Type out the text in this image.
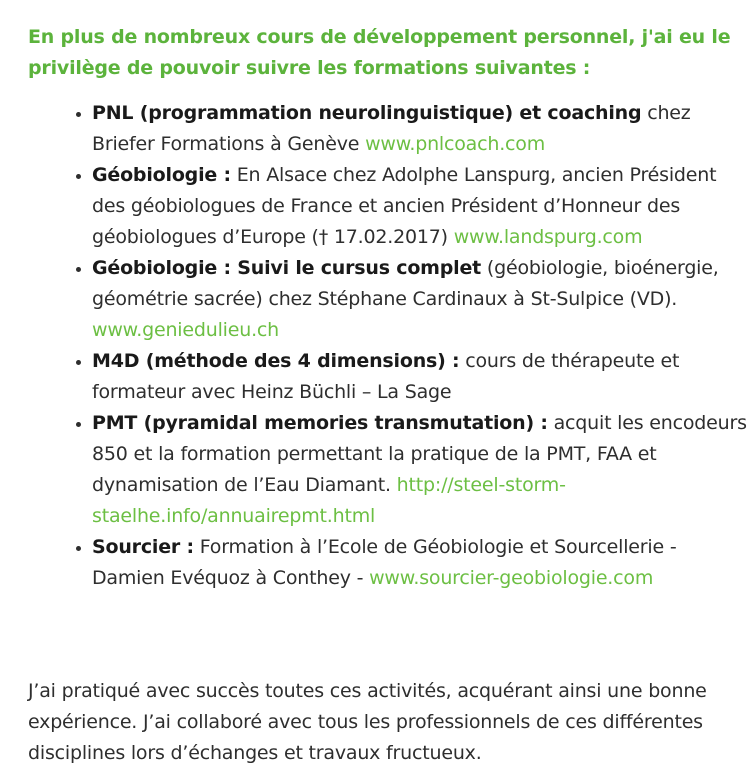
En plus de nombreux cours de développement personnel, j'ai eu le privilège de pouvoir suivre les formations suivantes :

• PNL (programmation neurolinguistique) et coaching chez Briefer Formations à Genève www.pnlcoach.com
• Géobiologie : En Alsace chez Adolphe Lanspurg, ancien Président des géobiologues de France et ancien Président d’Honneur des géobiologues d’Europe († 17.02.2017) www.landspurg.com
• Géobiologie : Suivi le cursus complet (géobiologie, bioénergie, géométrie sacrée) chez Stéphane Cardinaux à St-Sulpice (VD). www.geniedulieu.ch
• M4D (méthode des 4 dimensions) : cours de thérapeute et formateur avec Heinz Büchli – La Sage
• PMT (pyramidal memories transmutation) : acquit les encodeurs 850 et la formation permettant la pratique de la PMT, FAA et dynamisation de l’Eau Diamant. http://steel-storm-staelhe.info/annuairepmt.html
• Sourcier : Formation à l’Ecole de Géobiologie et Sourcellerie - Damien Evéquoz à Conthey - www.sourcier-geobiologie.com

J’ai pratiqué avec succès toutes ces activités, acquérant ainsi une bonne expérience. J’ai collaboré avec tous les professionnels de ces différentes disciplines lors d’échanges et travaux fructueux.
